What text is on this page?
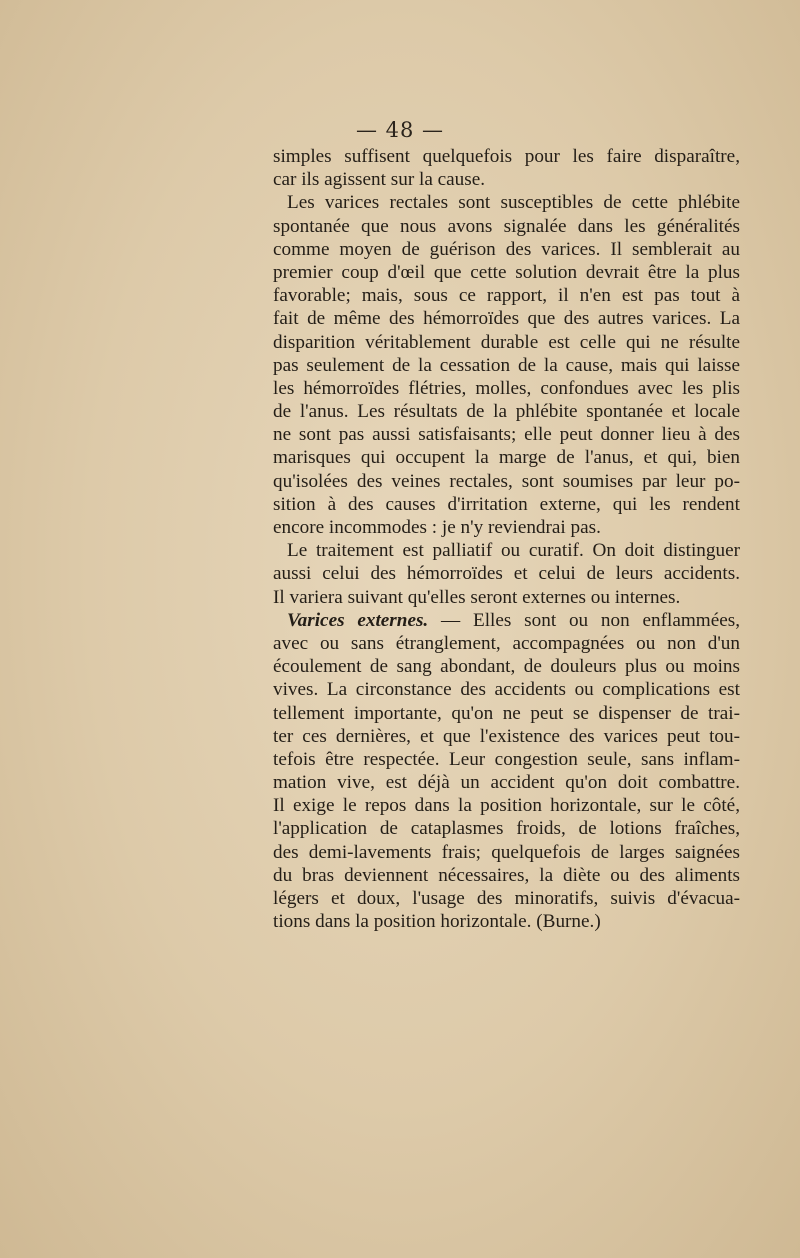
— 48 —
simples suffisent quelquefois pour les faire disparaître,
car ils agissent sur la cause.
Les varices rectales sont susceptibles de cette phlébite
spontanée que nous avons signalée dans les généralités
comme moyen de guérison des varices. Il semblerait au
premier coup d'œil que cette solution devrait être la plus
favorable; mais, sous ce rapport, il n'en est pas tout à
fait de même des hémorroïdes que des autres varices. La
disparition véritablement durable est celle qui ne résulte
pas seulement de la cessation de la cause, mais qui laisse
les hémorroïdes flétries, molles, confondues avec les plis
de l'anus. Les résultats de la phlébite spontanée et locale
ne sont pas aussi satisfaisants; elle peut donner lieu à des
marisques qui occupent la marge de l'anus, et qui, bien
qu'isolées des veines rectales, sont soumises par leur po-
sition à des causes d'irritation externe, qui les rendent
encore incommodes : je n'y reviendrai pas.
Le traitement est palliatif ou curatif. On doit distinguer
aussi celui des hémorroïdes et celui de leurs accidents.
Il variera suivant qu'elles seront externes ou internes.
Varices externes. — Elles sont ou non enflammées,
avec ou sans étranglement, accompagnées ou non d'un
écoulement de sang abondant, de douleurs plus ou moins
vives. La circonstance des accidents ou complications est
tellement importante, qu'on ne peut se dispenser de trai-
ter ces dernières, et que l'existence des varices peut tou-
tefois être respectée. Leur congestion seule, sans inflam-
mation vive, est déjà un accident qu'on doit combattre.
Il exige le repos dans la position horizontale, sur le côté,
l'application de cataplasmes froids, de lotions fraîches,
des demi-lavements frais; quelquefois de larges saignées
du bras deviennent nécessaires, la diète ou des aliments
légers et doux, l'usage des minoratifs, suivis d'évacua-
tions dans la position horizontale. (Burne.)
